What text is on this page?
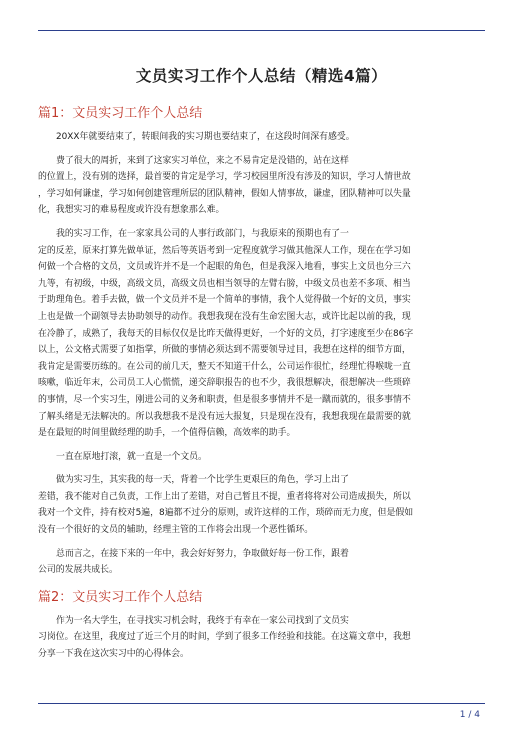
文员实习工作个人总结（精选4篇）
篇1：文员实习工作个人总结

20XX年就要结束了，转眼间我的实习期也要结束了，在这段时间深有感受。

费了很大的周折，来到了这家实习单位，来之不易肯定是没错的，站在这样
的位置上，没有别的选择，最首要的肯定是学习，学习校园里所没有涉及的知识，学习人情世故
，学习如何谦虚，学习如何创建管理所层的团队精神，假如人情事故，谦虚，团队精神可以失量
化，我想实习的难易程度或许没有想象那么难。

我的实习工作，在一家家具公司的人事行政部门，与我原来的预期也有了一
定的反差，原来打算先做单证，然后等英语考到一定程度就学习做其他深人工作，现在在学习如
何做一个合格的文员，文员或许并不是一个起眼的角色，但是我深入地看，事实上文员也分三六
九等，有初级，中级，高级文员，高级文员也相当领导的左臂右膀，中级文员也差不多项、相当
于助理角色。着手去做，做一个文员并不是一个简单的事情，我个人觉得做一个好的文员，事实
上也是做一个副领导去协助领导的动作。我想我现在没有生命宏图大志，或许比起以前的我，现
在冷静了，成熟了，我每天的目标仅仅是比昨天做得更好，一个好的文员，打字速度至少在86字
以上，公文格式需要了如指掌，所做的事情必须达到不需要领导过目，我想在这样的细节方面，
我肯定是需要历练的。在公司的前几天，整天不知道干什么，公司运作很忙，经理忙得喉咙一直
咳嗽，临近年末，公司员工人心慌慌，递交辞职报告的也不少，我很想解决，很想解决一些琐碎
的事情，尽一个实习生，刚进公司的义务和职责，但是很多事情并不是一蹴而就的，很多事情不
了解头绪是无法解决的。所以我想我不是没有远大报复，只是现在没有，我想我现在最需要的就
是在最短的时间里做经理的助手，一个值得信赖，高效率的助手。

一直在原地打滚，就一直是一个文员。

做为实习生，其实我的每一天，背着一个比学生更艰巨的角色，学习上出了
差错，我不能对自己负责，工作上出了差错，对自己暂且不提，重者将将对公司造成损失，所以
我对一个文件，持有校对5遍，8遍都不过分的原则，或许这样的工作，琐碎而无力度，但是假如
没有一个很好的文员的辅助，经理主管的工作将会出现一个恶性循环。

总而言之，在接下来的一年中，我会好好努力，争取做好每一份工作，跟着
公司的发展共成长。

篇2：文员实习工作个人总结

作为一名大学生，在寻找实习机会时，我终于有幸在一家公司找到了文员实
习岗位。在这里，我度过了近三个月的时间，学到了很多工作经验和技能。在这篇文章中，我想
分享一下我在这次实习中的心得体会。

1 / 4
